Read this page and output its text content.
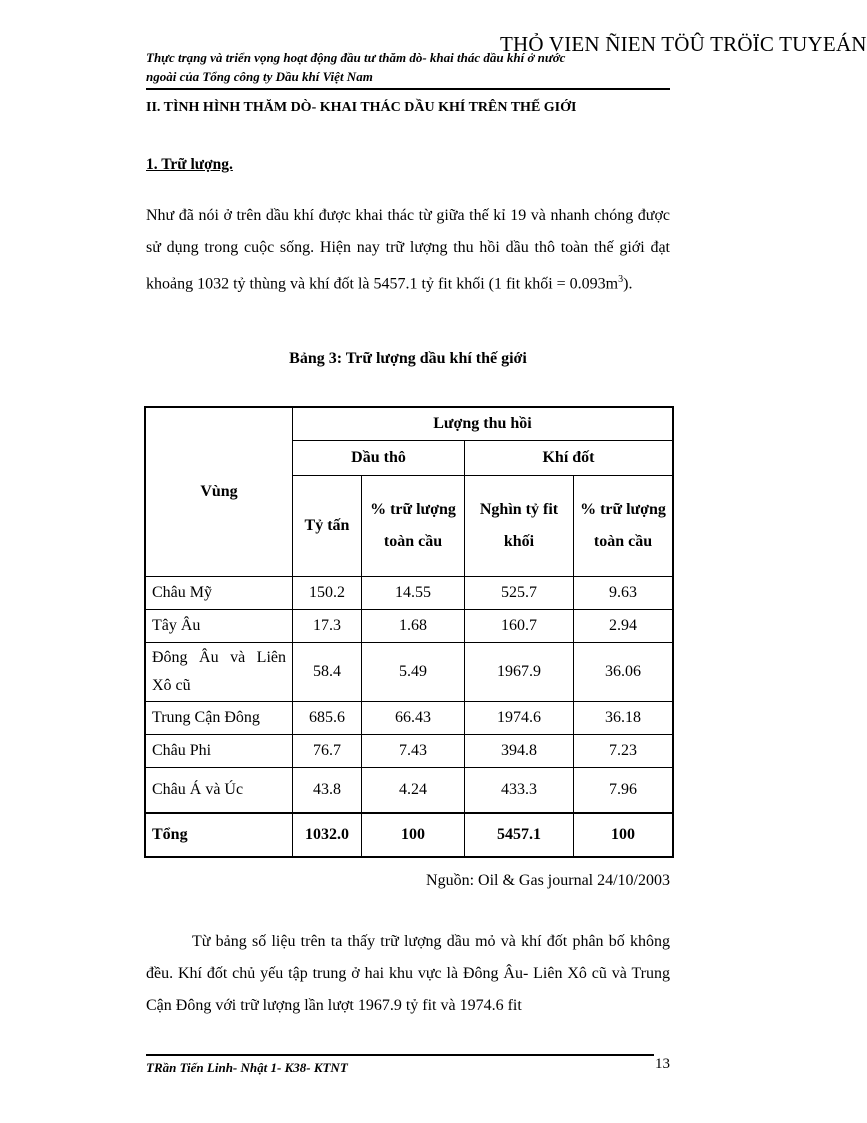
THỎ VIEN ÑIEN TÖÛ TRÖÏC TUYEÁN
Thực trạng và triển vọng hoạt động đầu tư thăm dò- khai thác dầu khí ở nước
ngoài của Tổng công ty Dầu khí Việt Nam
II. TÌNH HÌNH THĂM DÒ- KHAI THÁC DẦU KHÍ TRÊN THẾ GIỚI
1. Trữ lượng.
Như đã nói ở trên dầu khí được khai thác từ giữa thế kỉ 19 và nhanh chóng được sử dụng trong cuộc sống. Hiện nay trữ lượng thu hồi dầu thô toàn thế giới đạt khoảng 1032 tỷ thùng và khí đốt là 5457.1 tỷ fit khối (1 fit khối = $0.093m^3$).
Bảng 3: Trữ lượng dầu khí thế giới
Vùng	Lượng thu hồi			
	Dầu thô		Khí đốt	
	Tỷ tấn	% trữ lượng toàn cầu	Nghìn tỷ fit khối	% trữ lượng toàn cầu
Châu Mỹ	150.2	14.55	525.7	9.63
Tây Âu	17.3	1.68	160.7	2.94
Đông Âu và Liên Xô cũ	58.4	5.49	1967.9	36.06
Trung Cận Đông	685.6	66.43	1974.6	36.18
Châu Phi	76.7	7.43	394.8	7.23
Châu Á và Úc	43.8	4.24	433.3	7.96
Tổng	1032.0	100	5457.1	100
Nguồn: Oil & Gas journal 24/10/2003
Từ bảng số liệu trên ta thấy trữ lượng dầu mỏ và khí đốt phân bố không đều. Khí đốt chủ yếu tập trung ở hai khu vực là Đông Âu- Liên Xô cũ và Trung Cận Đông với trữ lượng lần lượt 1967.9 tỷ fit và 1974.6 fit
TRần Tiến Linh- Nhật 1- K38- KTNT	13
